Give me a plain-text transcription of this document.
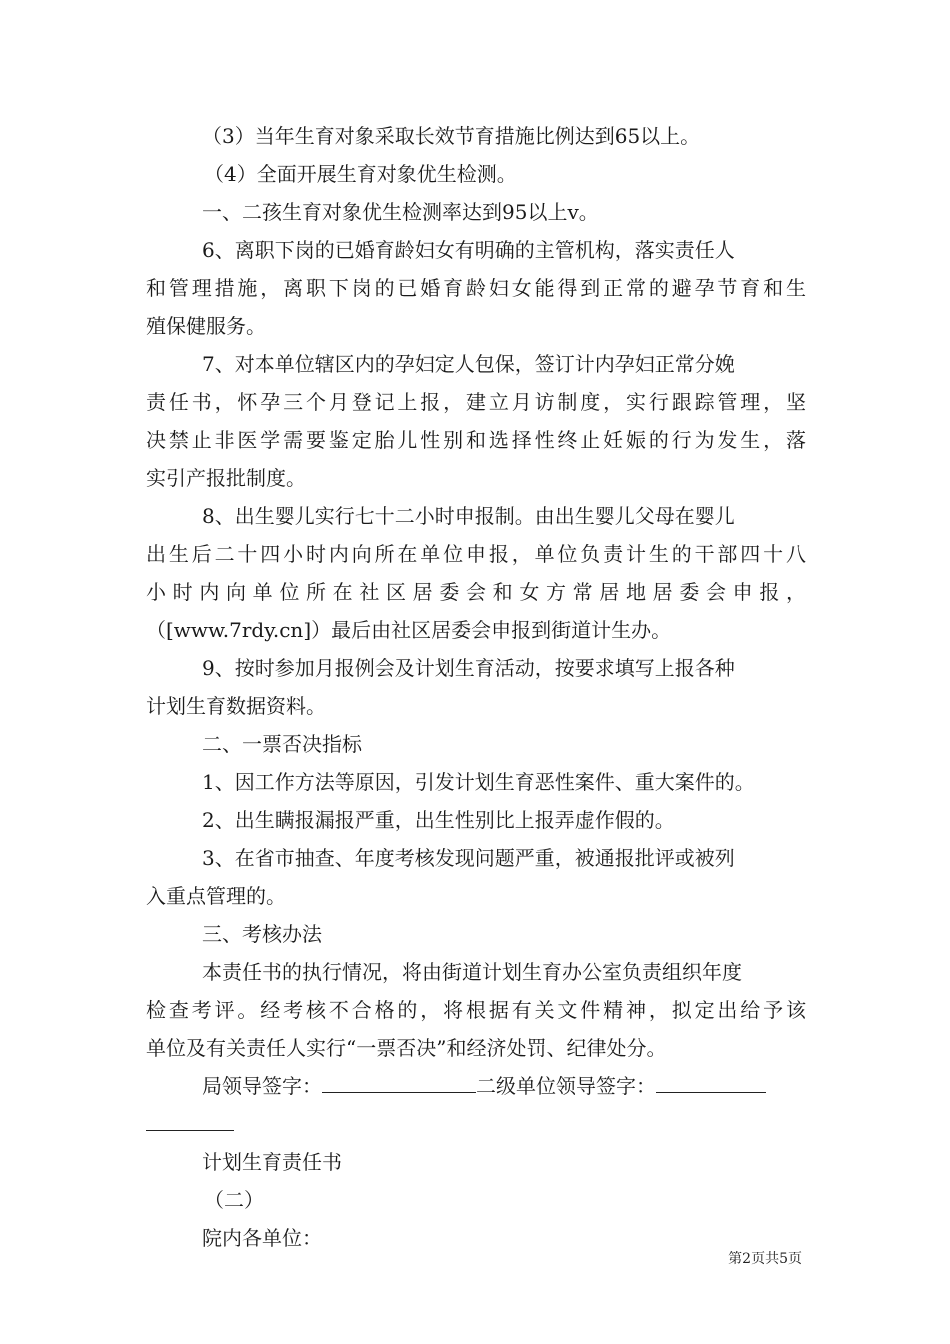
（3）当年生育对象采取长效节育措施比例达到65以上。
（4）全面开展生育对象优生检测。
一、二孩生育对象优生检测率达到95以上v。
6、离职下岗的已婚育龄妇女有明确的主管机构，落实责任人
和管理措施，离职下岗的已婚育龄妇女能得到正常的避孕节育和生
殖保健服务。
7、对本单位辖区内的孕妇定人包保，签订计内孕妇正常分娩
责任书，怀孕三个月登记上报，建立月访制度，实行跟踪管理，坚
决禁止非医学需要鉴定胎儿性别和选择性终止妊娠的行为发生，落
实引产报批制度。
8、出生婴儿实行七十二小时申报制。由出生婴儿父母在婴儿
出生后二十四小时内向所在单位申报，单位负责计生的干部四十八
小时内向单位所在社区居委会和女方常居地居委会申报，
（[www.7rdy.cn]）最后由社区居委会申报到街道计生办。
9、按时参加月报例会及计划生育活动，按要求填写上报各种
计划生育数据资料。
二、一票否决指标
1、因工作方法等原因，引发计划生育恶性案件、重大案件的。
2、出生瞒报漏报严重，出生性别比上报弄虚作假的。
3、在省市抽查、年度考核发现问题严重，被通报批评或被列
入重点管理的。
三、考核办法
本责任书的执行情况，将由街道计划生育办公室负责组织年度
检查考评。经考核不合格的，将根据有关文件精神，拟定出给予该
单位及有关责任人实行“一票否决”和经济处罚、纪律处分。
局领导签字：	二级单位领导签字：
计划生育责任书
（二）
院内各单位：
第2页共5页
